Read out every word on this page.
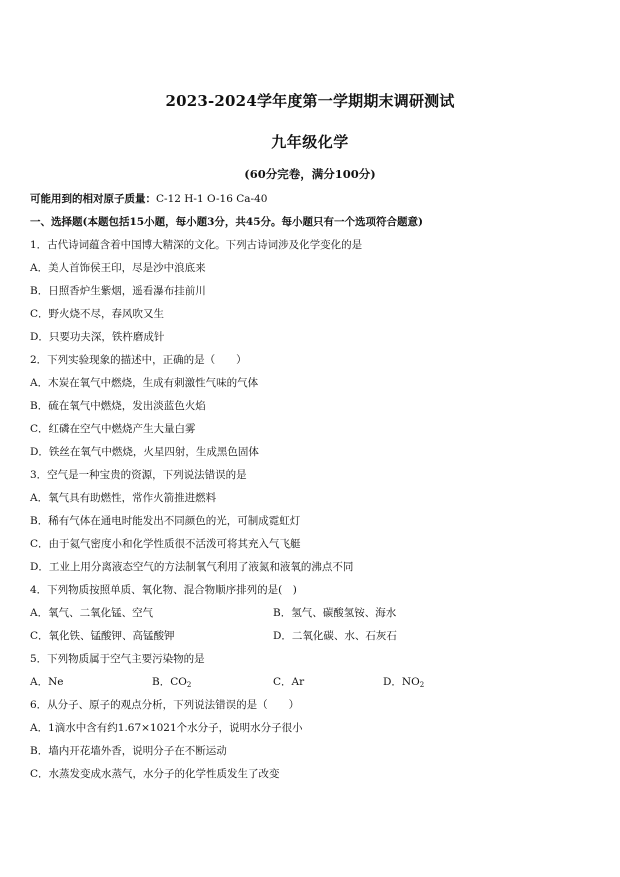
2023-2024学年度第一学期期末调研测试
九年级化学
(60分完卷，满分100分)
可能用到的相对原子质量：C-12 H-1 O-16 Ca-40
一、选择题(本题包括15小题，每小题3分，共45分。每小题只有一个选项符合题意)
1．古代诗词蕴含着中国博大精深的文化。下列古诗词涉及化学变化的是
A．美人首饰侯王印，尽是沙中浪底来
B．日照香炉生紫烟，遥看瀑布挂前川
C．野火烧不尽，春风吹又生
D．只要功夫深，铁杵磨成针
2．下列实验现象的描述中，正确的是（　　）
A．木炭在氧气中燃烧，生成有刺激性气味的气体
B．硫在氧气中燃烧，发出淡蓝色火焰
C．红磷在空气中燃烧产生大量白雾
D．铁丝在氧气中燃烧，火星四射，生成黑色固体
3．空气是一种宝贵的资源，下列说法错误的是
A．氧气具有助燃性，常作火箭推进燃料
B．稀有气体在通电时能发出不同颜色的光，可制成霓虹灯
C．由于氦气密度小和化学性质很不活泼可将其充入气飞艇
D．工业上用分离液态空气的方法制氧气利用了液氮和液氧的沸点不同
4．下列物质按照单质、氧化物、混合物顺序排列的是(　)
A．氧气、二氧化锰、空气	B．氢气、碳酸氢铵、海水
C．氧化铁、锰酸钾、高锰酸钾	D．二氧化碳、水、石灰石
5．下列物质属于空气主要污染物的是
A．Ne	B．$CO_2$	C．Ar	D．$NO_2$
6．从分子、原子的观点分析，下列说法错误的是（　　）
A．1滴水中含有约1.67×1021个水分子，说明水分子很小
B．墙内开花墙外香，说明分子在不断运动
C．水蒸发变成水蒸气，水分子的化学性质发生了改变
